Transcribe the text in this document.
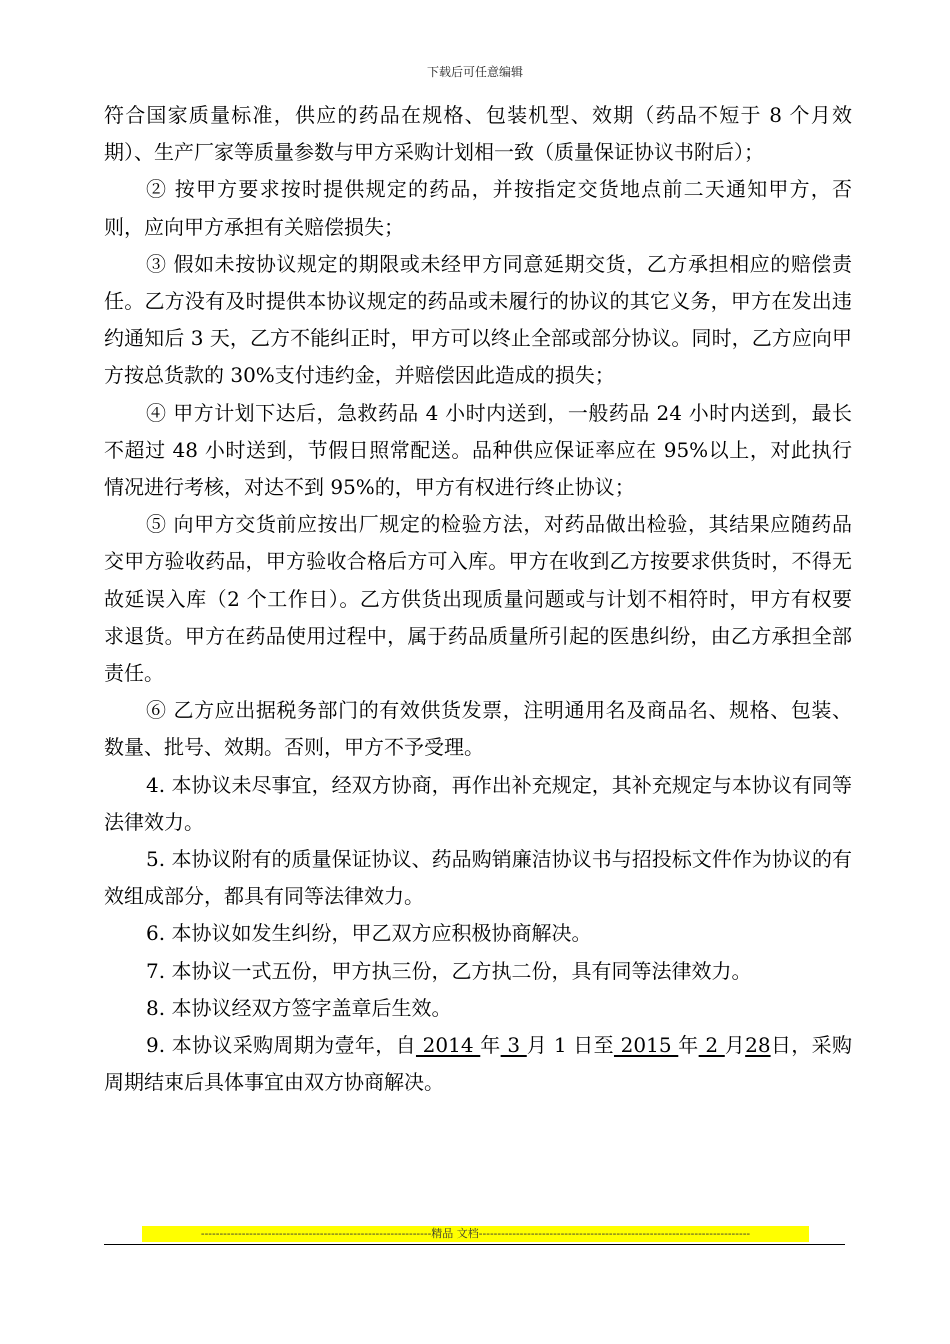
下载后可任意编辑

符合国家质量标准，供应的药品在规格、包装机型、效期（药品不短于 8 个月效期）、生产厂家等质量参数与甲方采购计划相一致（质量保证协议书附后）；

② 按甲方要求按时提供规定的药品，并按指定交货地点前二天通知甲方，否则，应向甲方承担有关赔偿损失；

③ 假如未按协议规定的期限或未经甲方同意延期交货，乙方承担相应的赔偿责任。乙方没有及时提供本协议规定的药品或未履行的协议的其它义务，甲方在发出违约通知后 3 天，乙方不能纠正时，甲方可以终止全部或部分协议。同时，乙方应向甲方按总货款的 30%支付违约金，并赔偿因此造成的损失；

④ 甲方计划下达后，急救药品 4 小时内送到，一般药品 24 小时内送到，最长不超过 48 小时送到，节假日照常配送。品种供应保证率应在 95%以上，对此执行情况进行考核，对达不到 95%的，甲方有权进行终止协议；

⑤ 向甲方交货前应按出厂规定的检验方法，对药品做出检验，其结果应随药品交甲方验收药品，甲方验收合格后方可入库。甲方在收到乙方按要求供货时，不得无故延误入库（2 个工作日）。乙方供货出现质量问题或与计划不相符时，甲方有权要求退货。甲方在药品使用过程中，属于药品质量所引起的医患纠纷，由乙方承担全部责任。

⑥ 乙方应出据税务部门的有效供货发票，注明通用名及商品名、规格、包装、数量、批号、效期。否则，甲方不予受理。

4. 本协议未尽事宜，经双方协商，再作出补充规定，其补充规定与本协议有同等法律效力。

5. 本协议附有的质量保证协议、药品购销廉洁协议书与招投标文件作为协议的有效组成部分，都具有同等法律效力。

6. 本协议如发生纠纷，甲乙双方应积极协商解决。

7. 本协议一式五份，甲方执三份，乙方执二份，具有同等法律效力。

8. 本协议经双方签字盖章后生效。

9. 本协议采购周期为壹年，自 2014 年 3 月 1 日至 2015 年 2 月28日，采购周期结束后具体事宜由双方协商解决。

--------------------------------------------------------------精品 文档-------------------------------------------------------------------------
